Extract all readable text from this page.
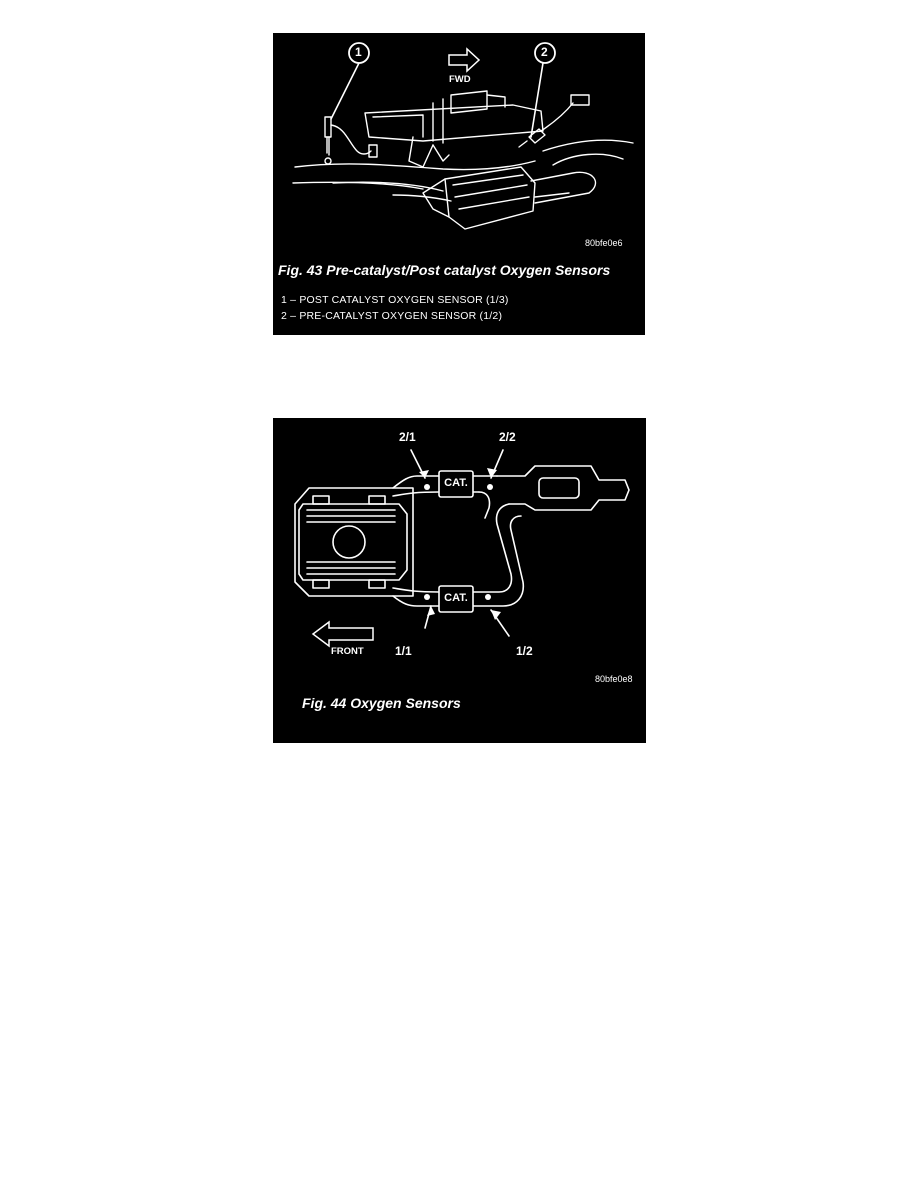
1	2
FWD
80bfe0e6
Fig. 43 Pre-catalyst/Post catalyst Oxygen Sensors
1 – POST CATALYST OXYGEN SENSOR (1/3)
2 – PRE-CATALYST OXYGEN SENSOR (1/2)
2/1	2/2
1/1	1/2
CAT.
CAT.
FRONT
80bfe0e8
Fig. 44 Oxygen Sensors
